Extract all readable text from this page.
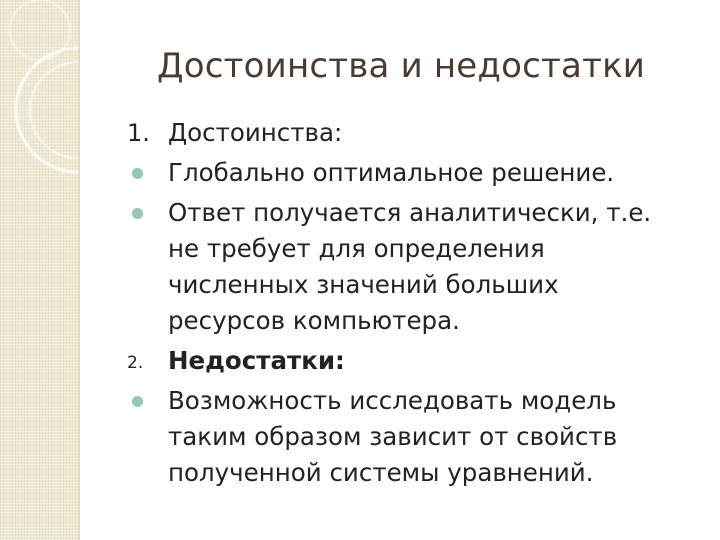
Достоинства и недостатки
1. Достоинства:
Глобально оптимальное решение.
Ответ получается аналитически, т.е.
не требует для определения
численных значений больших
ресурсов компьютера.
2. Недостатки:
Возможность исследовать модель
таким образом зависит от свойств
полученной системы уравнений.
